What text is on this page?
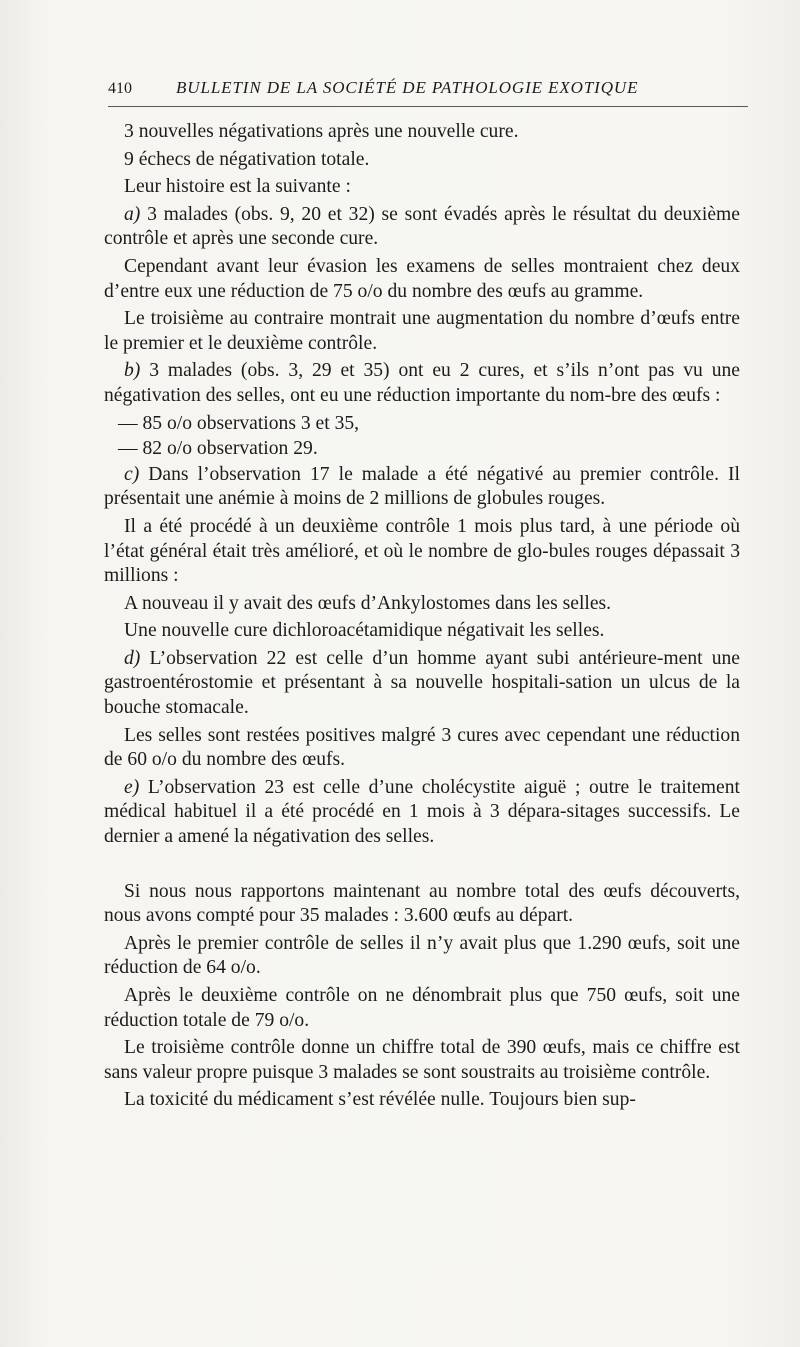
410	BULLETIN DE LA SOCIÉTÉ DE PATHOLOGIE EXOTIQUE

3 nouvelles négativations après une nouvelle cure.

9 échecs de négativation totale.

Leur histoire est la suivante :

a) 3 malades (obs. 9, 20 et 32) se sont évadés après le résultat du deuxième contrôle et après une seconde cure.

Cependant avant leur évasion les examens de selles montraient chez deux d’entre eux une réduction de 75 o/o du nombre des œufs au gramme.

Le troisième au contraire montrait une augmentation du nombre d’œufs entre le premier et le deuxième contrôle.

b) 3 malades (obs. 3, 29 et 35) ont eu 2 cures, et s’ils n’ont pas vu une négativation des selles, ont eu une réduction importante du nom-bre des œufs :

— 85 o/o observations 3 et 35,

— 82 o/o observation 29.

c) Dans l’observation 17 le malade a été négativé au premier contrôle. Il présentait une anémie à moins de 2 millions de globules rouges.

Il a été procédé à un deuxième contrôle 1 mois plus tard, à une période où l’état général était très amélioré, et où le nombre de glo-bules rouges dépassait 3 millions :

A nouveau il y avait des œufs d’Ankylostomes dans les selles.

Une nouvelle cure dichloroacétamidique négativait les selles.

d) L’observation 22 est celle d’un homme ayant subi antérieure-ment une gastroentérostomie et présentant à sa nouvelle hospitali-sation un ulcus de la bouche stomacale.

Les selles sont restées positives malgré 3 cures avec cependant une réduction de 60 o/o du nombre des œufs.

e) L’observation 23 est celle d’une cholécystite aiguë ; outre le traitement médical habituel il a été procédé en 1 mois à 3 dépara-sitages successifs. Le dernier a amené la négativation des selles.

Si nous nous rapportons maintenant au nombre total des œufs découverts, nous avons compté pour 35 malades : 3.600 œufs au départ.

Après le premier contrôle de selles il n’y avait plus que 1.290 œufs, soit une réduction de 64 o/o.

Après le deuxième contrôle on ne dénombrait plus que 750 œufs, soit une réduction totale de 79 o/o.

Le troisième contrôle donne un chiffre total de 390 œufs, mais ce chiffre est sans valeur propre puisque 3 malades se sont soustraits au troisième contrôle.

La toxicité du médicament s’est révélée nulle. Toujours bien sup-
